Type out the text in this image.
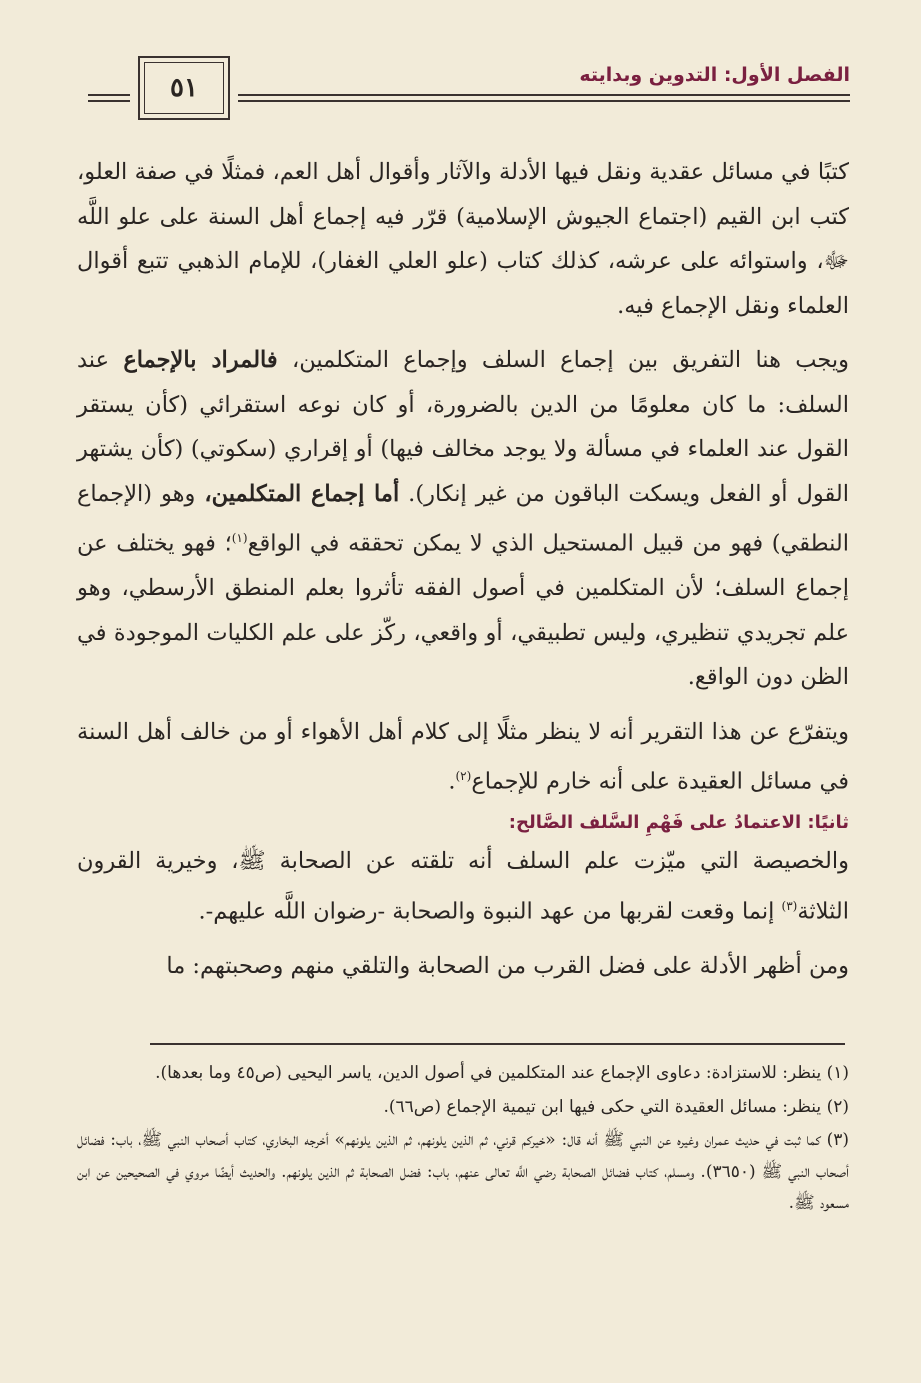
٥١	الفصل الأول: التدوين وبدايته

كتبًا في مسائل عقدية ونقل فيها الأدلة والآثار وأقوال أهل العم، فمثلًا في صفة العلو، كتب ابن القيم (اجتماع الجيوش الإسلامية) قرّر فيه إجماع أهل السنة على علو اللَّه ﷻ، واستوائه على عرشه، كذلك كتاب (علو العلي الغفار)، للإمام الذهبي تتبع أقوال العلماء ونقل الإجماع فيه.

ويجب هنا التفريق بين إجماع السلف وإجماع المتكلمين، فالمراد بالإجماع عند السلف: ما كان معلومًا من الدين بالضرورة، أو كان نوعه استقرائي (كأن يستقر القول عند العلماء في مسألة ولا يوجد مخالف فيها) أو إقراري (سكوتي) (كأن يشتهر القول أو الفعل ويسكت الباقون من غير إنكار). أما إجماع المتكلمين، وهو (الإجماع النطقي) فهو من قبيل المستحيل الذي لا يمكن تحققه في الواقع$^{(١)}$؛ فهو يختلف عن إجماع السلف؛ لأن المتكلمين في أصول الفقه تأثروا بعلم المنطق الأرسطي، وهو علم تجريدي تنظيري، وليس تطبيقي، أو واقعي، ركّز على علم الكليات الموجودة في الظن دون الواقع.

ويتفرّع عن هذا التقرير أنه لا ينظر مثلًا إلى كلام أهل الأهواء أو من خالف أهل السنة في مسائل العقيدة على أنه خارم للإجماع$^{(٢)}$.

ثانيًا: الاعتمادُ على فَهْمِ السَّلف الصَّالح:

والخصيصة التي ميّزت علم السلف أنه تلقته عن الصحابة ﷺ، وخيرية القرون الثلاثة$^{(٣)}$ إنما وقعت لقربها من عهد النبوة والصحابة -رضوان اللَّه عليهم-.

ومن أظهر الأدلة على فضل القرب من الصحابة والتلقي منهم وصحبتهم: ما

(١) ينظر: للاستزادة: دعاوى الإجماع عند المتكلمين في أصول الدين، ياسر اليحيى (ص٤٥ وما بعدها).

(٢) ينظر: مسائل العقيدة التي حكى فيها ابن تيمية الإجماع (ص٦٦).

(٣) كما ثبت في حديث عمران وغيره عن النبي ﷺ أنه قال: «خيركم قرني، ثم الذين يلونهم، ثم الذين يلونهم» أخرجه البخاري، كتاب أصحاب النبي ﷺ، باب: فضائل أصحاب النبي ﷺ (٣٦٥٠). ومسلم، كتاب فضائل الصحابة رضي اللَّه تعالى عنهم، باب: فضل الصحابة ثم الذين يلونهم. والحديث أيضًا مروي في الصحيحين عن ابن مسعود ﷺ.
